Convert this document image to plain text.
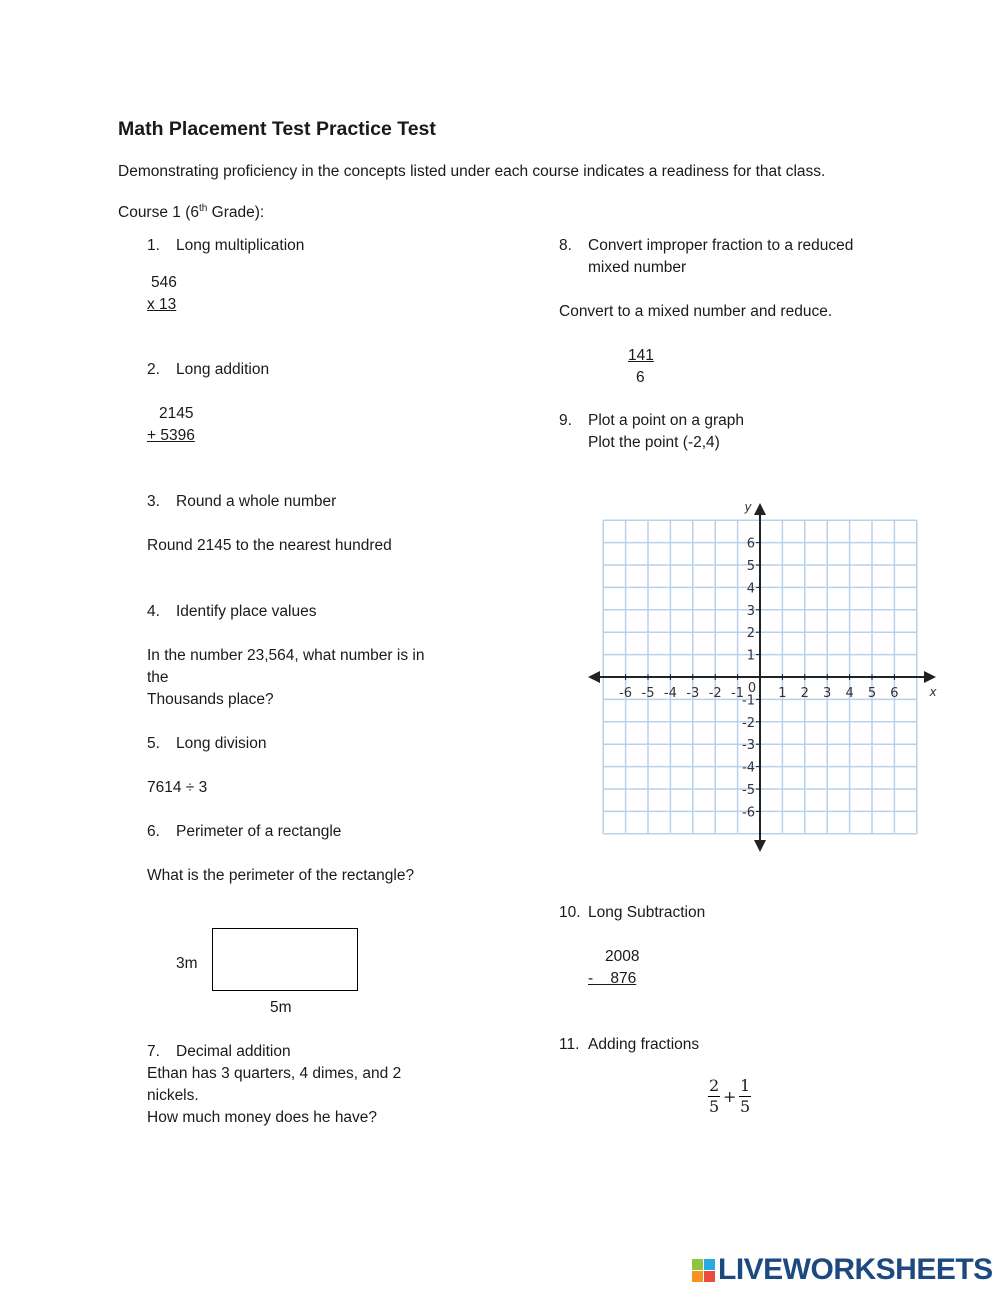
Math Placement Test Practice Test
Demonstrating proficiency in the concepts listed under each course indicates a readiness for that class.
Course 1 (6th Grade):
1. Long multiplication
546
x 13
2. Long addition
2145
+ 5396
3. Round a whole number
Round 2145 to the nearest hundred
4. Identify place values
In the number 23,564, what number is in
the
Thousands place?
5. Long division
7614 ÷ 3
6. Perimeter of a rectangle
What is the perimeter of the rectangle?
3m
5m
7. Decimal addition
Ethan has 3 quarters, 4 dimes, and 2
nickels.
How much money does he have?
8. Convert improper fraction to a reduced
mixed number
Convert to a mixed number and reduce.
141
6
9. Plot a point on a graph
Plot the point (-2,4)
-6 -5 -4 -3 -2 -1	1 2 3 4 5 6
6
5
4
3
2
1
-1
-2
-3
-4
-5
-6
0	x
y
10. Long Subtraction
2008
-    876
11. Adding fractions
$\frac{2}{5} + \frac{1}{5}$
LIVEWORKSHEETS
